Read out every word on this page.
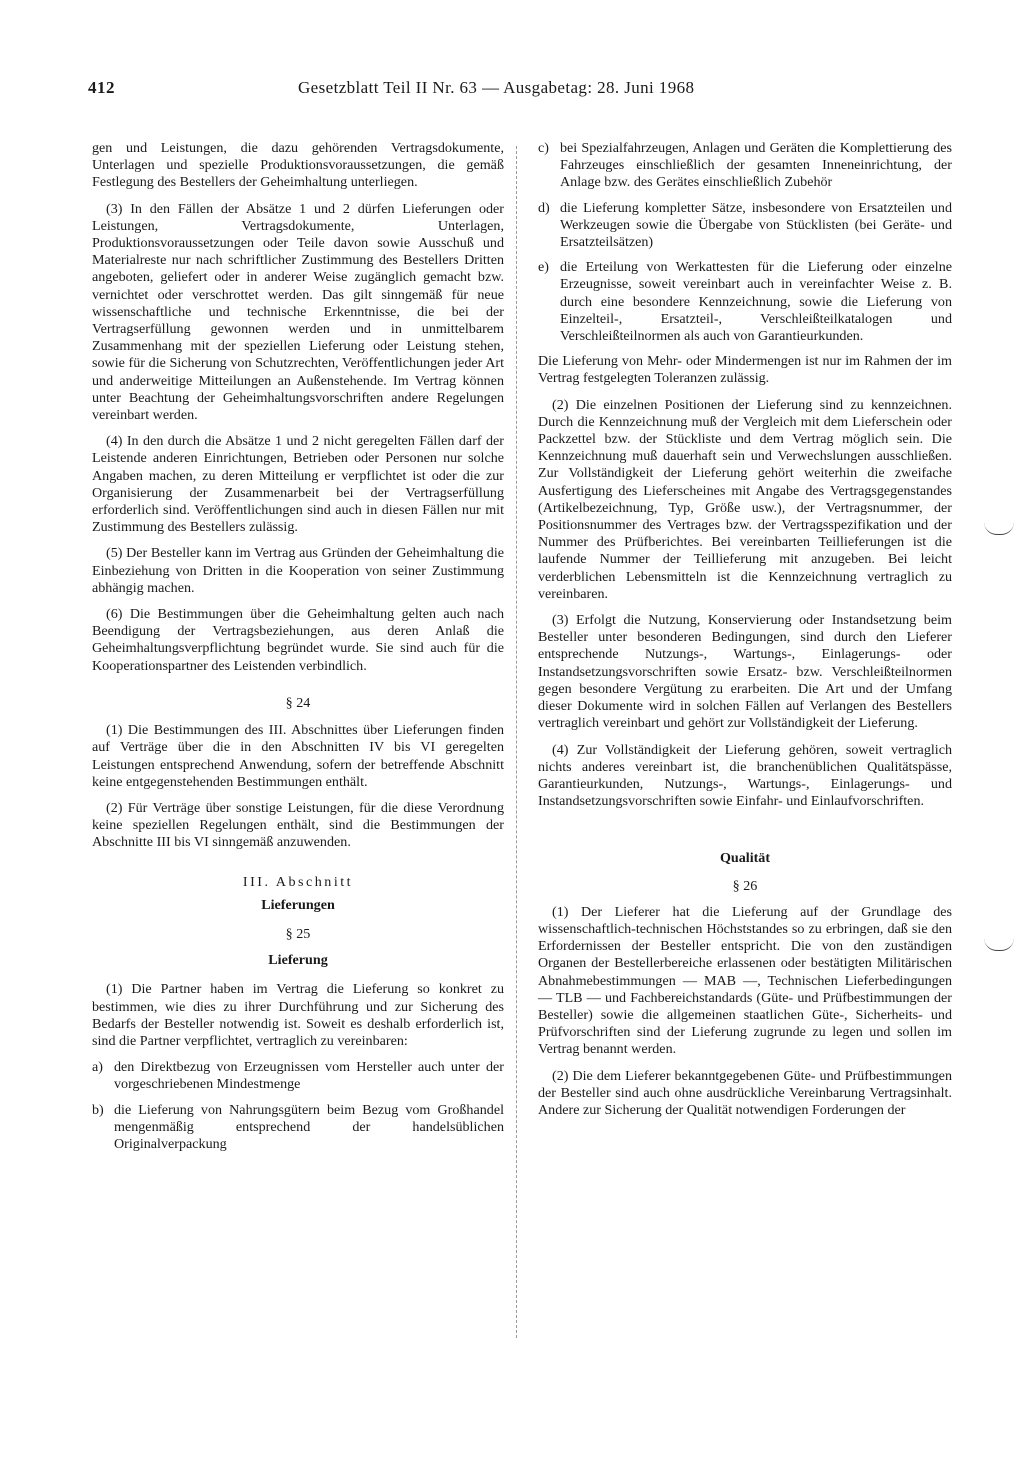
412	Gesetzblatt Teil II Nr. 63 — Ausgabetag: 28. Juni 1968

gen und Leistungen, die dazu gehörenden Vertragsdokumente, Unterlagen und spezielle Produktionsvoraussetzungen, die gemäß Festlegung des Bestellers der Geheimhaltung unterliegen.

(3) In den Fällen der Absätze 1 und 2 dürfen Lieferungen oder Leistungen, Vertragsdokumente, Unterlagen, Produktionsvoraussetzungen oder Teile davon sowie Ausschuß und Materialreste nur nach schriftlicher Zustimmung des Bestellers Dritten angeboten, geliefert oder in anderer Weise zugänglich gemacht bzw. vernichtet oder verschrottet werden. Das gilt sinngemäß für neue wissenschaftliche und technische Erkenntnisse, die bei der Vertragserfüllung gewonnen werden und in unmittelbarem Zusammenhang mit der speziellen Lieferung oder Leistung stehen, sowie für die Sicherung von Schutzrechten, Veröffentlichungen jeder Art und anderweitige Mitteilungen an Außenstehende. Im Vertrag können unter Beachtung der Geheimhaltungsvorschriften andere Regelungen vereinbart werden.

(4) In den durch die Absätze 1 und 2 nicht geregelten Fällen darf der Leistende anderen Einrichtungen, Betrieben oder Personen nur solche Angaben machen, zu deren Mitteilung er verpflichtet ist oder die zur Organisierung der Zusammenarbeit bei der Vertragserfüllung erforderlich sind. Veröffentlichungen sind auch in diesen Fällen nur mit Zustimmung des Bestellers zulässig.

(5) Der Besteller kann im Vertrag aus Gründen der Geheimhaltung die Einbeziehung von Dritten in die Kooperation von seiner Zustimmung abhängig machen.

(6) Die Bestimmungen über die Geheimhaltung gelten auch nach Beendigung der Vertragsbeziehungen, aus deren Anlaß die Geheimhaltungsverpflichtung begründet wurde. Sie sind auch für die Kooperationspartner des Leistenden verbindlich.

§ 24

(1) Die Bestimmungen des III. Abschnittes über Lieferungen finden auf Verträge über die in den Abschnitten IV bis VI geregelten Leistungen entsprechend Anwendung, sofern der betreffende Abschnitt keine entgegenstehenden Bestimmungen enthält.

(2) Für Verträge über sonstige Leistungen, für die diese Verordnung keine speziellen Regelungen enthält, sind die Bestimmungen der Abschnitte III bis VI sinngemäß anzuwenden.

III. Abschnitt

Lieferungen

§ 25

Lieferung

(1) Die Partner haben im Vertrag die Lieferung so konkret zu bestimmen, wie dies zu ihrer Durchführung und zur Sicherung des Bedarfs der Besteller notwendig ist. Soweit es deshalb erforderlich ist, sind die Partner verpflichtet, vertraglich zu vereinbaren:

a) den Direktbezug von Erzeugnissen vom Hersteller auch unter der vorgeschriebenen Mindestmenge
b) die Lieferung von Nahrungsgütern beim Bezug vom Großhandel mengenmäßig entsprechend der handelsüblichen Originalverpackung
c) bei Spezialfahrzeugen, Anlagen und Geräten die Komplettierung des Fahrzeuges einschließlich der gesamten Inneneinrichtung, der Anlage bzw. des Gerätes einschließlich Zubehör
d) die Lieferung kompletter Sätze, insbesondere von Ersatzteilen und Werkzeugen sowie die Übergabe von Stücklisten (bei Geräte- und Ersatzteilsätzen)
e) die Erteilung von Werkattesten für die Lieferung oder einzelne Erzeugnisse, soweit vereinbart auch in vereinfachter Weise z. B. durch eine besondere Kennzeichnung, sowie die Lieferung von Einzelteil-, Ersatzteil-, Verschleißteilkatalogen und Verschleißteilnormen als auch von Garantieurkunden.

Die Lieferung von Mehr- oder Mindermengen ist nur im Rahmen der im Vertrag festgelegten Toleranzen zulässig.

(2) Die einzelnen Positionen der Lieferung sind zu kennzeichnen. Durch die Kennzeichnung muß der Vergleich mit dem Lieferschein oder Packzettel bzw. der Stückliste und dem Vertrag möglich sein. Die Kennzeichnung muß dauerhaft sein und Verwechslungen ausschließen. Zur Vollständigkeit der Lieferung gehört weiterhin die zweifache Ausfertigung des Lieferscheines mit Angabe des Vertragsgegenstandes (Artikelbezeichnung, Typ, Größe usw.), der Vertragsnummer, der Positionsnummer des Vertrages bzw. der Vertragsspezifikation und der Nummer des Prüfberichtes. Bei vereinbarten Teillieferungen ist die laufende Nummer der Teillieferung mit anzugeben. Bei leicht verderblichen Lebensmitteln ist die Kennzeichnung vertraglich zu vereinbaren.

(3) Erfolgt die Nutzung, Konservierung oder Instandsetzung beim Besteller unter besonderen Bedingungen, sind durch den Lieferer entsprechende Nutzungs-, Wartungs-, Einlagerungs- oder Instandsetzungsvorschriften sowie Ersatz- bzw. Verschleißteilnormen gegen besondere Vergütung zu erarbeiten. Die Art und der Umfang dieser Dokumente wird in solchen Fällen auf Verlangen des Bestellers vertraglich vereinbart und gehört zur Vollständigkeit der Lieferung.

(4) Zur Vollständigkeit der Lieferung gehören, soweit vertraglich nichts anderes vereinbart ist, die branchenüblichen Qualitätspässe, Garantieurkunden, Nutzungs-, Wartungs-, Einlagerungs- und Instandsetzungsvorschriften sowie Einfahr- und Einlaufvorschriften.

Qualität

§ 26

(1) Der Lieferer hat die Lieferung auf der Grundlage des wissenschaftlich-technischen Höchststandes so zu erbringen, daß sie den Erfordernissen der Besteller entspricht. Die von den zuständigen Organen der Bestellerbereiche erlassenen oder bestätigten Militärischen Abnahmebestimmungen — MAB —, Technischen Lieferbedingungen — TLB — und Fachbereichstandards (Güte- und Prüfbestimmungen der Besteller) sowie die allgemeinen staatlichen Güte-, Sicherheits- und Prüfvorschriften sind der Lieferung zugrunde zu legen und sollen im Vertrag benannt werden.

(2) Die dem Lieferer bekanntgegebenen Güte- und Prüfbestimmungen der Besteller sind auch ohne ausdrückliche Vereinbarung Vertragsinhalt. Andere zur Sicherung der Qualität notwendigen Forderungen der
